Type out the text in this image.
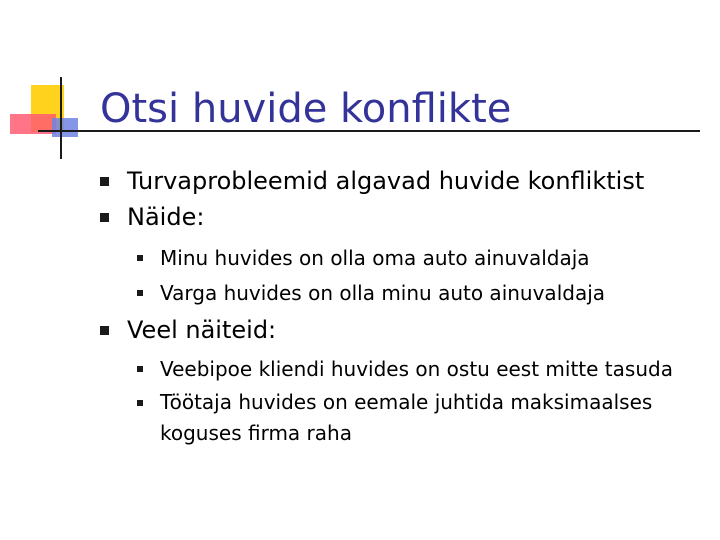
Otsi huvide konflikte
Turvaprobleemid algavad huvide konfliktist
Näide:
Minu huvides on olla oma auto ainuvaldaja
Varga huvides on olla minu auto ainuvaldaja
Veel näiteid:
Veebipoe kliendi huvides on ostu eest mitte tasuda
Töötaja huvides on eemale juhtida maksimaalses
koguses firma raha
